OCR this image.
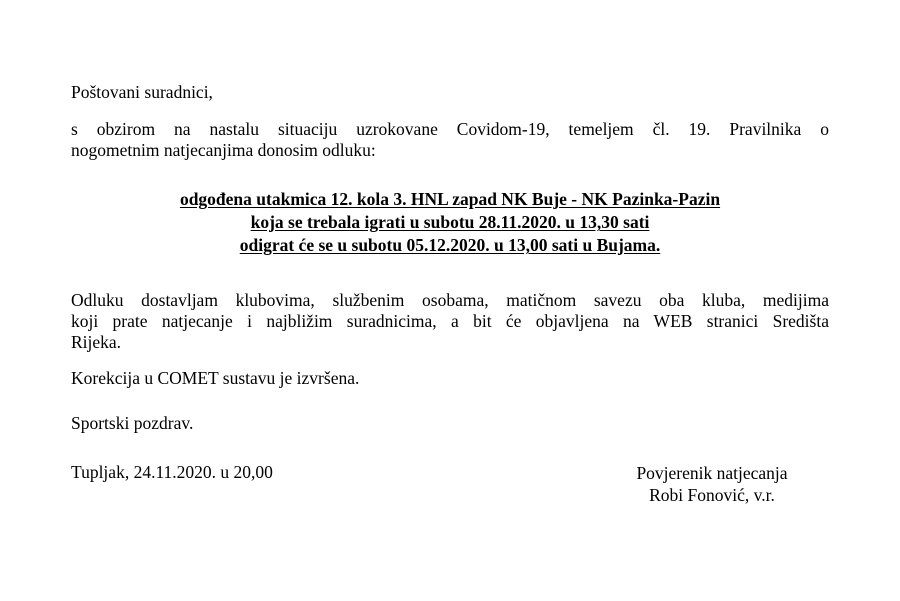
Poštovani suradnici,

s obzirom na nastalu situaciju uzrokovane Covidom-19, temeljem čl. 19. Pravilnika o
nogometnim natjecanjima donosim odluku:

odgođena utakmica 12. kola 3. HNL zapad NK Buje - NK Pazinka-Pazin
koja se trebala igrati u subotu 28.11.2020. u 13,30 sati
odigrat će se u subotu 05.12.2020. u 13,00 sati u Bujama.

Odluku dostavljam klubovima, službenim osobama, matičnom savezu oba kluba, medijima
koji prate natjecanje i najbližim suradnicima, a bit će objavljena na WEB stranici Središta
Rijeka.

Korekcija u COMET sustavu je izvršena.

Sportski pozdrav.

Tupljak, 24.11.2020. u 20,00	Povjerenik natjecanja
Robi Fonović, v.r.
